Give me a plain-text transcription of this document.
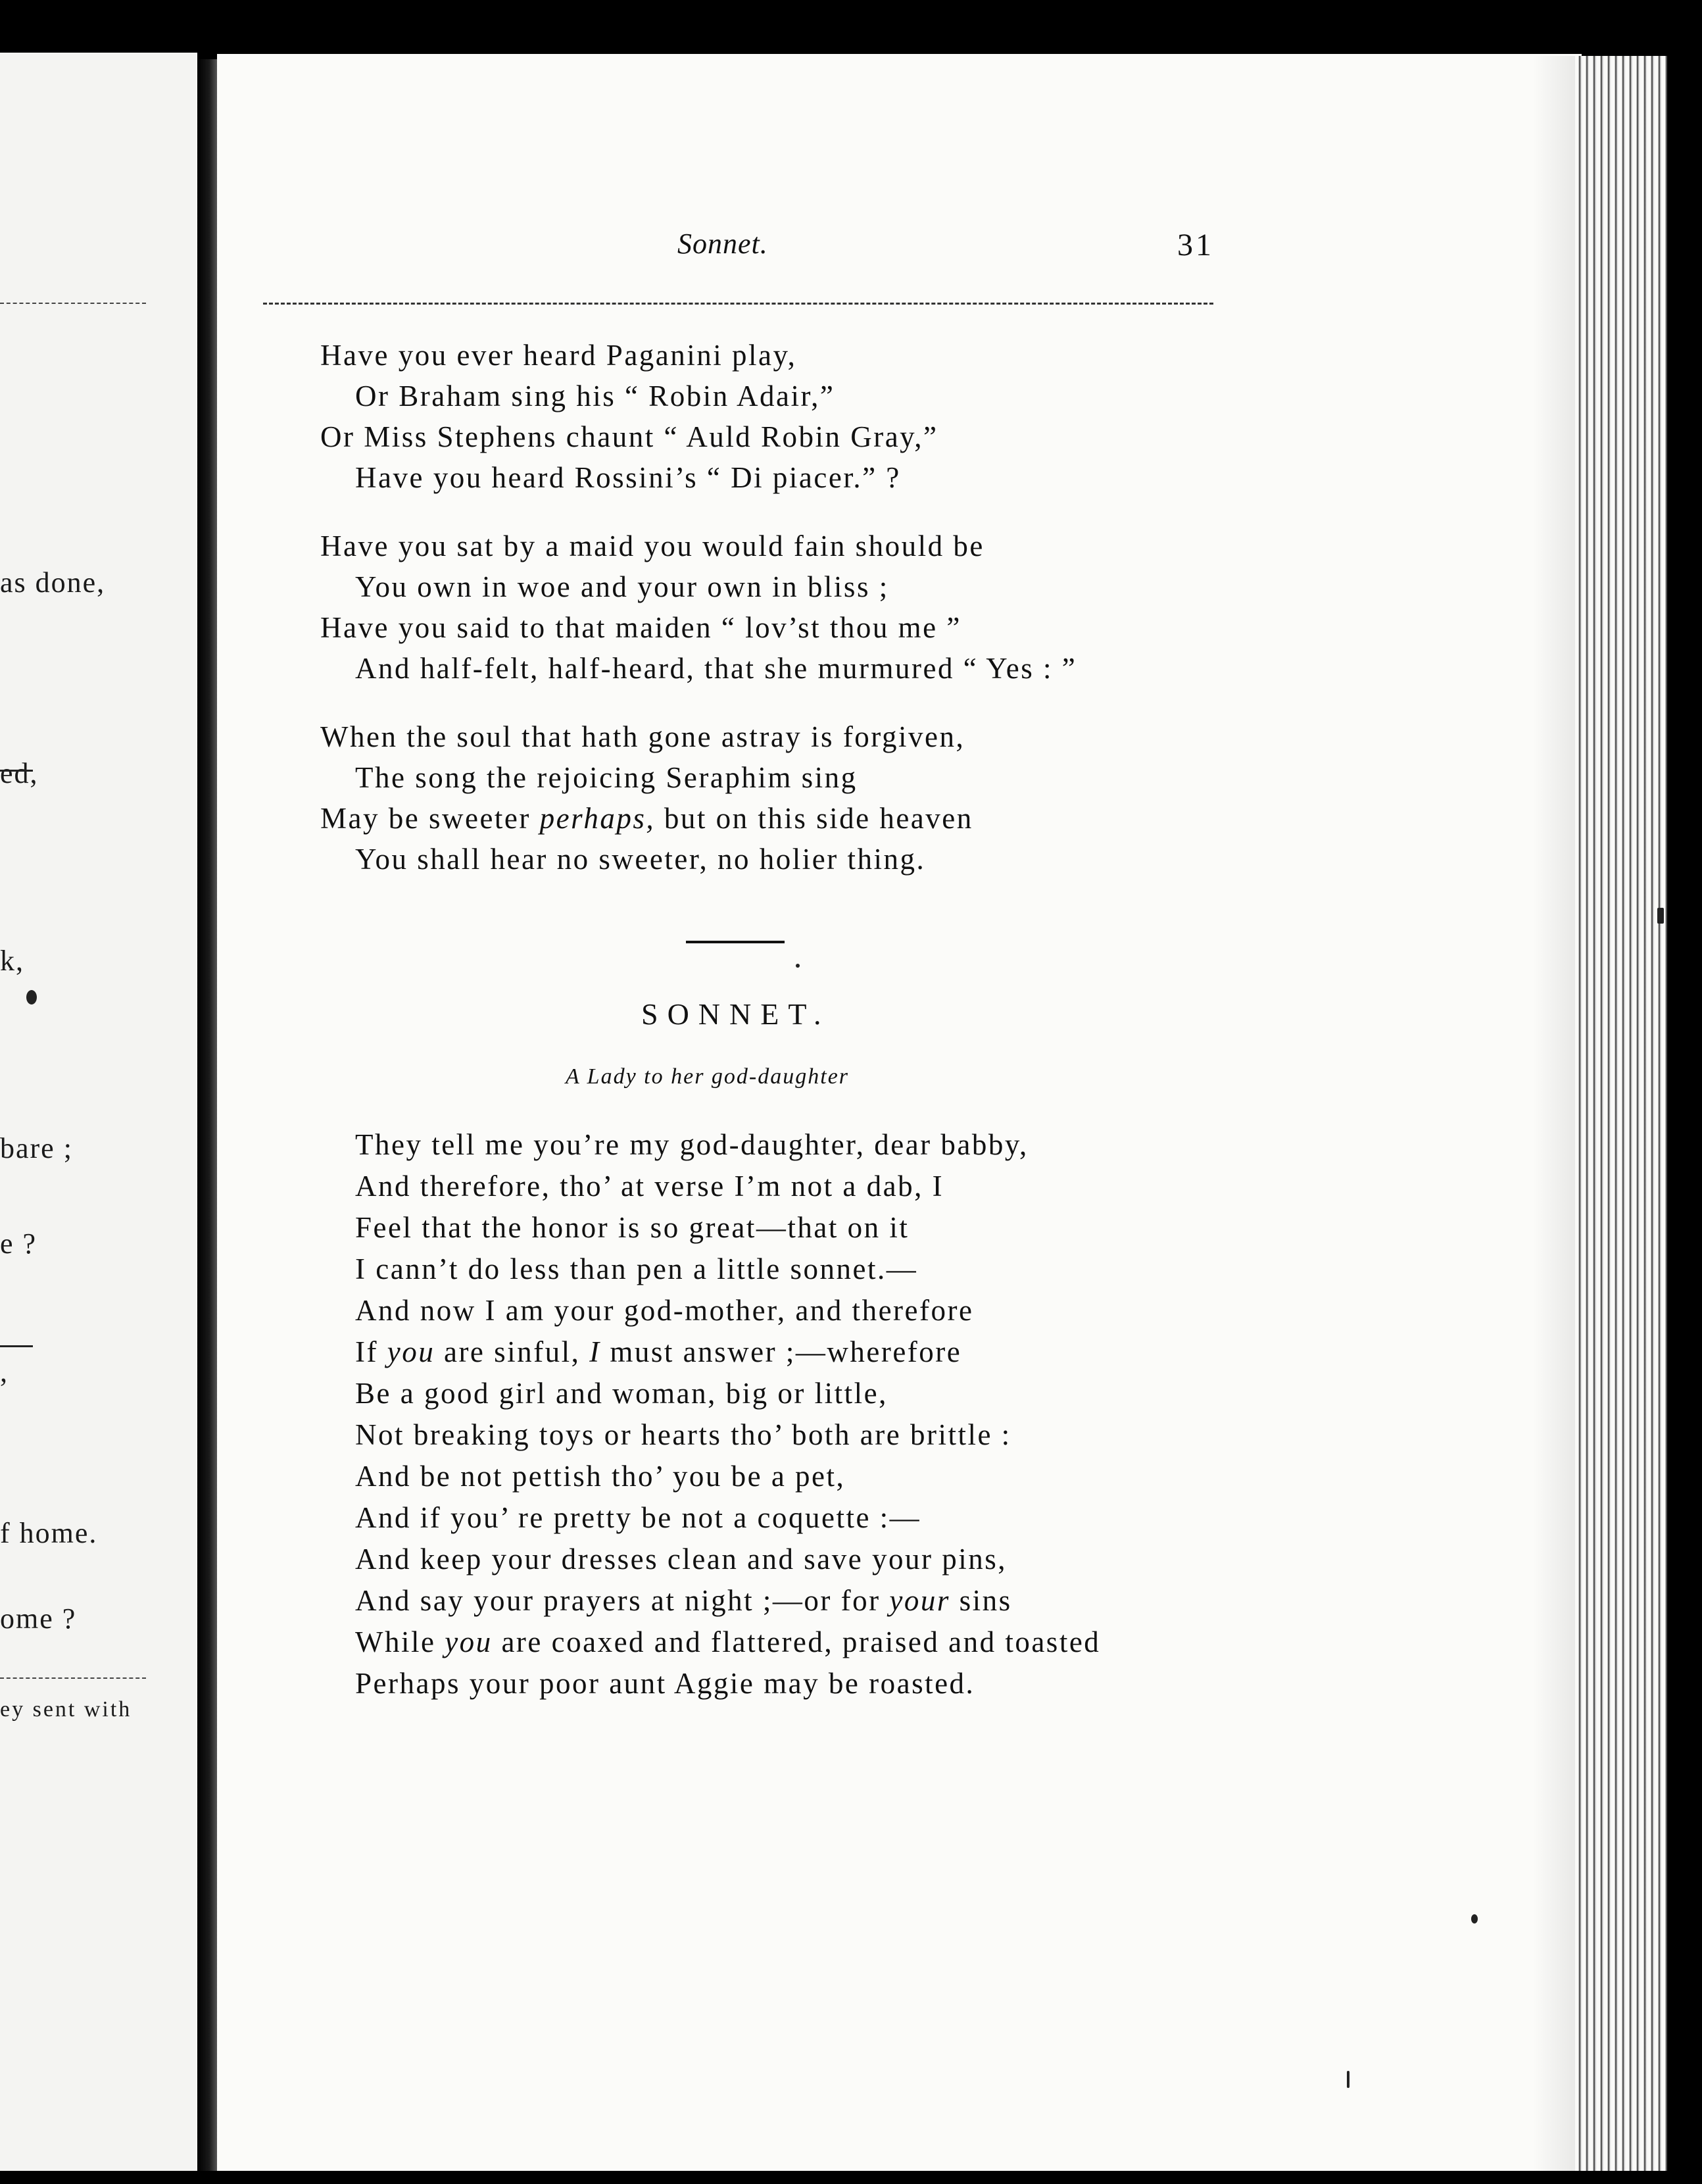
as done,
ed,
k,
bare ;
e ?
,
f home.
ome ?
ey sent with
Sonnet.	31
Have you ever heard Paganini play,
Or Braham sing his “ Robin Adair,”
Or Miss Stephens chaunt “ Auld Robin Gray,”
Have you heard Rossini’s “ Di piacer.” ?
Have you sat by a maid you would fain should be
You own in woe and your own in bliss ;
Have you said to that maiden “ lov’st thou me ”
And half-felt, half-heard, that she murmured “ Yes : ”
When the soul that hath gone astray is forgiven,
The song the rejoicing Seraphim sing
May be sweeter perhaps, but on this side heaven
You shall hear no sweeter, no holier thing.
SONNET.
A Lady to her god-daughter
They tell me you’re my god-daughter, dear babby,
And therefore, tho’ at verse I’m not a dab, I
Feel that the honor is so great—that on it
I cann’t do less than pen a little sonnet.—
And now I am your god-mother, and therefore
If you are sinful, I must answer ;—wherefore
Be a good girl and woman, big or little,
Not breaking toys or hearts tho’ both are brittle :
And be not pettish tho’ you be a pet,
And if you’ re pretty be not a coquette :—
And keep your dresses clean and save your pins,
And say your prayers at night ;—or for your sins
While you are coaxed and flattered, praised and toasted
Perhaps your poor aunt Aggie may be roasted.
